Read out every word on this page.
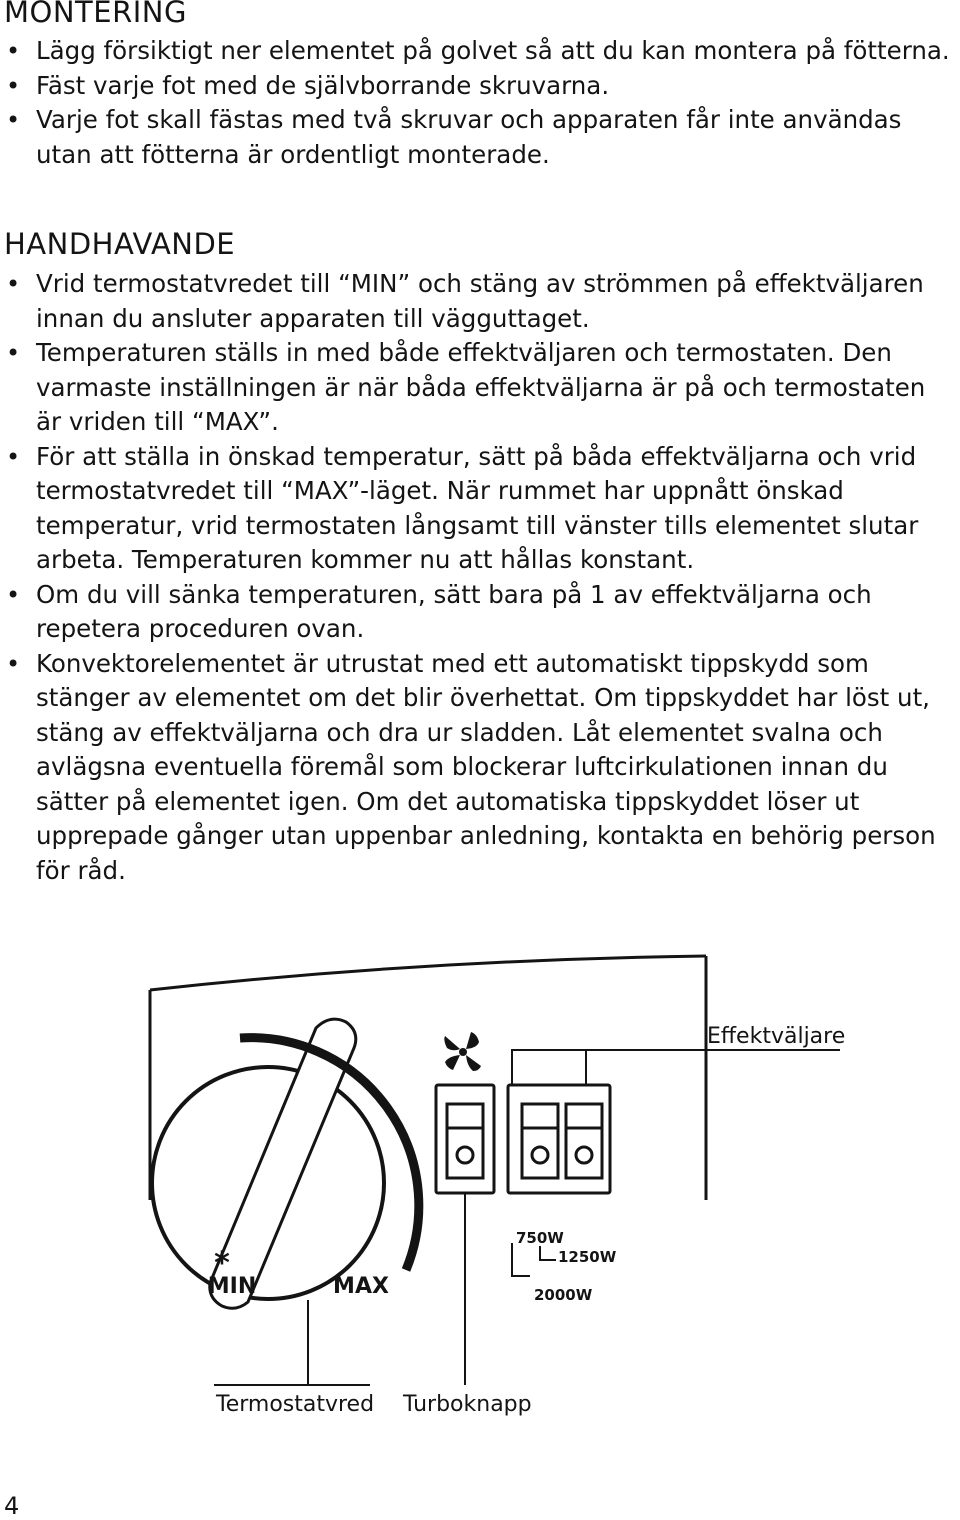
MONTERING
• Lägg försiktigt ner elementet på golvet så att du kan montera på fötterna.
• Fäst varje fot med de självborrande skruvarna.
• Varje fot skall fästas med två skruvar och apparaten får inte användas utan att fötterna är ordentligt monterade.
HANDHAVANDE
• Vrid termostatvredet till “MIN” och stäng av strömmen på effektväljaren innan du ansluter apparaten till vägguttaget.
• Temperaturen ställs in med både effektväljaren och termostaten. Den varmaste inställningen är när båda effektväljarna är på och termostaten är vriden till “MAX”.
• För att ställa in önskad temperatur, sätt på båda effektväljarna och vrid termostatvredet till “MAX”-läget. När rummet har uppnått önskad temperatur, vrid termostaten långsamt till vänster tills elementet slutar arbeta. Temperaturen kommer nu att hållas konstant.
• Om du vill sänka temperaturen, sätt bara på 1 av effektväljarna och repetera proceduren ovan.
• Konvektorelementet är utrustat med ett automatiskt tippskydd som stänger av elementet om det blir överhettat. Om tippskyddet har löst ut, stäng av effektväljarna och dra ur sladden. Låt elementet svalna och avlägsna eventuella föremål som blockerar luftcirkulationen innan du sätter på elementet igen. Om det automatiska tippskyddet löser ut upprepade gånger utan uppenbar anledning, kontakta en behörig person för råd.
*
MIN	MAX
Effektväljare
750W
1250W
2000W
Termostatvred Turboknapp
4
